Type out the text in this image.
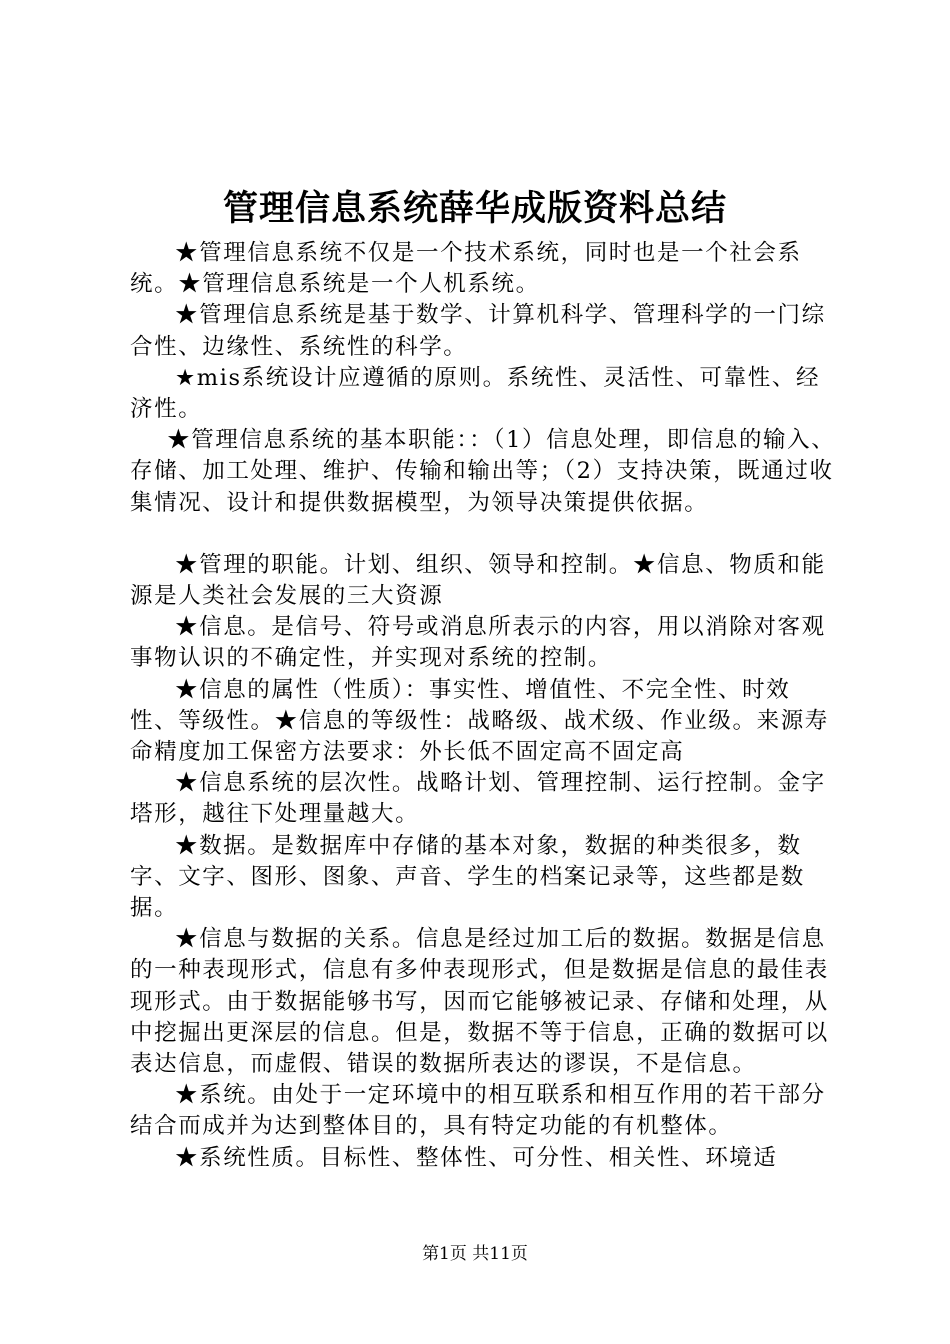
管理信息系统薛华成版资料总结

★管理信息系统不仅是一个技术系统，同时也是一个社会系统。★管理信息系统是一个人机系统。

★管理信息系统是基于数学、计算机科学、管理科学的一门综合性、边缘性、系统性的科学。

★mis系统设计应遵循的原则。系统性、灵活性、可靠性、经济性。

★管理信息系统的基本职能：：（1）信息处理，即信息的输入、存储、加工处理、维护、传输和输出等；（2）支持决策，既通过收集情况、设计和提供数据模型，为领导决策提供依据。

★管理的职能。计划、组织、领导和控制。★信息、物质和能源是人类社会发展的三大资源

★信息。是信号、符号或消息所表示的内容，用以消除对客观事物认识的不确定性，并实现对系统的控制。

★信息的属性（性质）：事实性、增值性、不完全性、时效性、等级性。★信息的等级性：战略级、战术级、作业级。来源寿命精度加工保密方法要求：外长低不固定高不固定高

★信息系统的层次性。战略计划、管理控制、运行控制。金字塔形，越往下处理量越大。

★数据。是数据库中存储的基本对象，数据的种类很多，数字、文字、图形、图象、声音、学生的档案记录等，这些都是数据。

★信息与数据的关系。信息是经过加工后的数据。数据是信息的一种表现形式，信息有多仲表现形式，但是数据是信息的最佳表现形式。由于数据能够书写，因而它能够被记录、存储和处理，从中挖掘出更深层的信息。但是，数据不等于信息，正确的数据可以表达信息，而虚假、错误的数据所表达的谬误，不是信息。

★系统。由处于一定环境中的相互联系和相互作用的若干部分结合而成并为达到整体目的，具有特定功能的有机整体。

★系统性质。目标性、整体性、可分性、相关性、环境适

第1页 共11页
